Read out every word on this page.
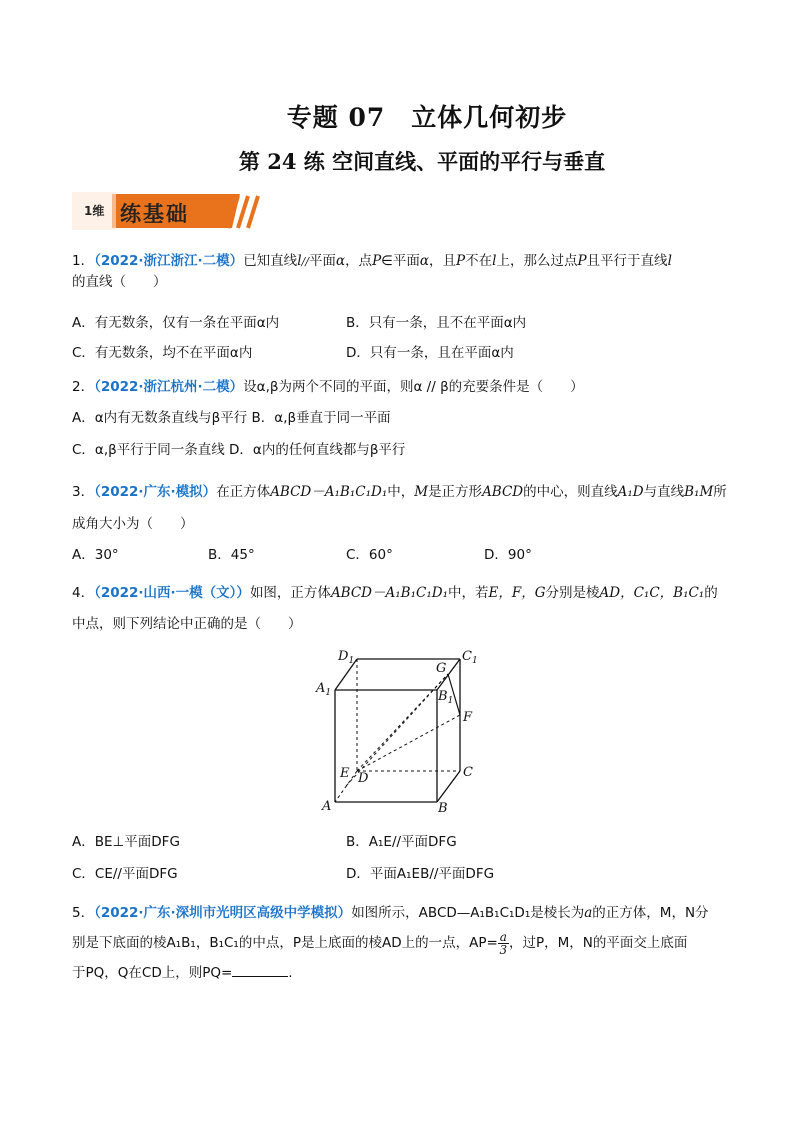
专题 07　立体几何初步
第 24 练 空间直线、平面的平行与垂直
1维 练基础
1．（2022·浙江浙江·二模）已知直线l//平面α，点P∈平面α，且P不在l上，那么过点P且平行于直线l
的直线（　　）
A．有无数条，仅有一条在平面α内	B．只有一条，且不在平面α内
C．有无数条，均不在平面α内	D．只有一条，且在平面α内
2．（2022·浙江杭州·二模）设α,β为两个不同的平面，则α // β的充要条件是（　　）
A．α内有无数条直线与β平行 B．α,β垂直于同一平面
C．α,β平行于同一条直线 D．α内的任何直线都与β平行
3．（2022·广东·模拟）在正方体ABCD－A₁B₁C₁D₁中，M是正方形ABCD的中心，则直线A₁D与直线B₁M所
成角大小为（　　）
A．30°	B．45°	C．60°	D．90°
4．（2022·山西·一模（文））如图，正方体ABCD－A₁B₁C₁D₁中，若E，F，G分别是棱AD，C₁C，B₁C₁的
中点，则下列结论中正确的是（　　）
$D_1$	$C_1$
$A_1$	$B_1$
G
F
E D	C
A	B
A．BE⊥平面DFG	B．A₁E//平面DFG
C．CE//平面DFG	D．平面A₁EB//平面DFG
5．（2022·广东·深圳市光明区高级中学模拟）如图所示，ABCD—A₁B₁C₁D₁是棱长为a的正方体，M，N分
别是下底面的棱A₁B₁，B₁C₁的中点，P是上底面的棱AD上的一点，$AP= \frac{a}{3}$ ，过P，M，N的平面交上底面
于PQ，Q在CD上，则PQ=	.
